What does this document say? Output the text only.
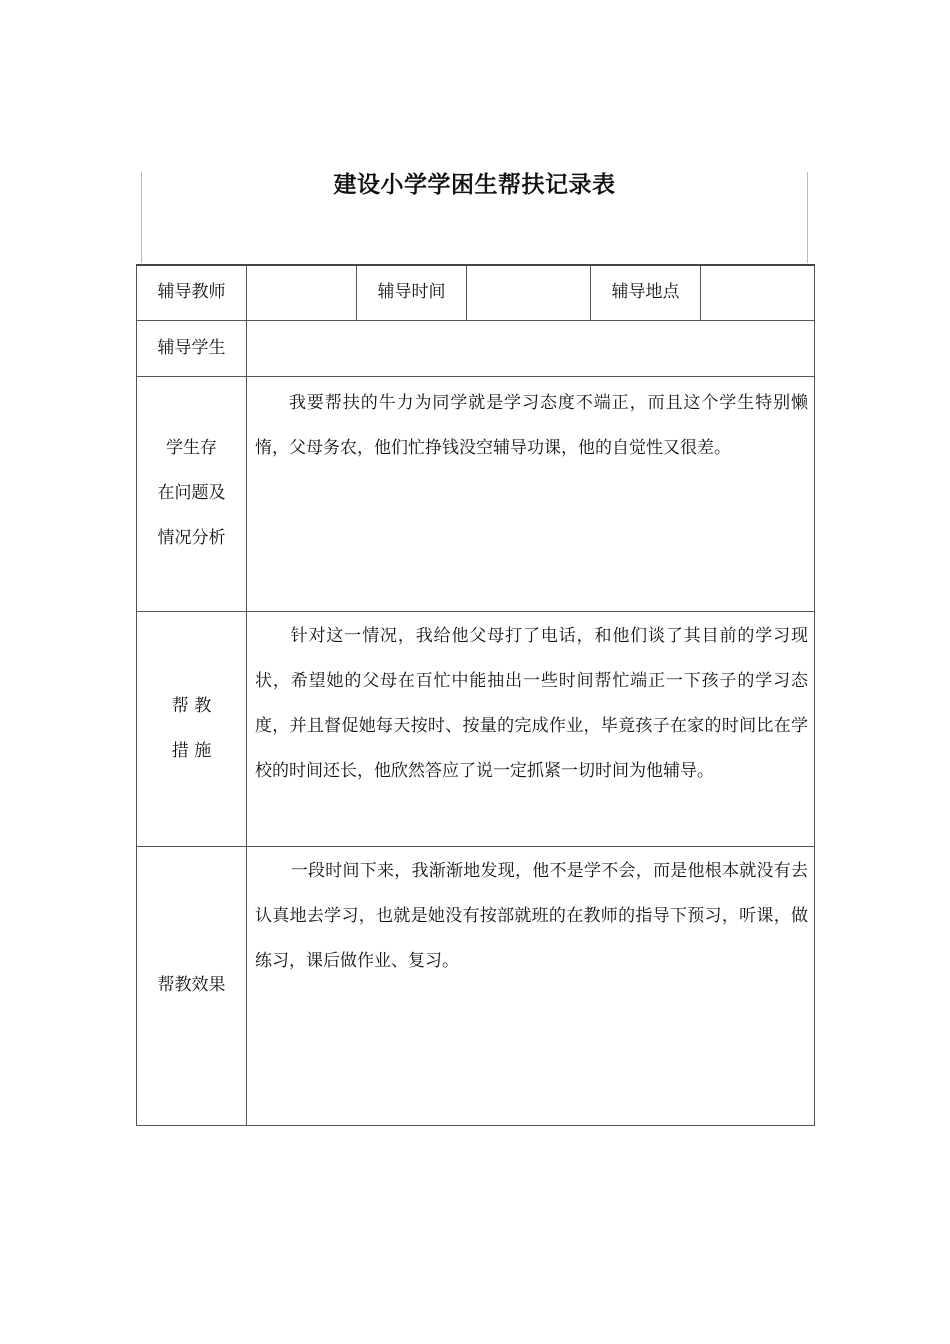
建设小学学困生帮扶记录表
辅导教师		辅导时间		辅导地点	
辅导学生					

学生存
在问题及
情况分析	我要帮扶的牛力为同学就是学习态度不端正，而且这个学生特别懒惰，父母务农，他们忙挣钱没空辅导功课，他的自觉性又很差。				

帮 教
措 施	针对这一情况，我给他父母打了电话，和他们谈了其目前的学习现状，希望她的父母在百忙中能抽出一些时间帮忙端正一下孩子的学习态度，并且督促她每天按时、按量的完成作业，毕竟孩子在家的时间比在学校的时间还长，他欣然答应了说一定抓紧一切时间为他辅导。				

帮教效果	一段时间下来，我渐渐地发现，他不是学不会，而是他根本就没有去认真地去学习，也就是她没有按部就班的在教师的指导下预习，听课，做练习，课后做作业、复习。				
